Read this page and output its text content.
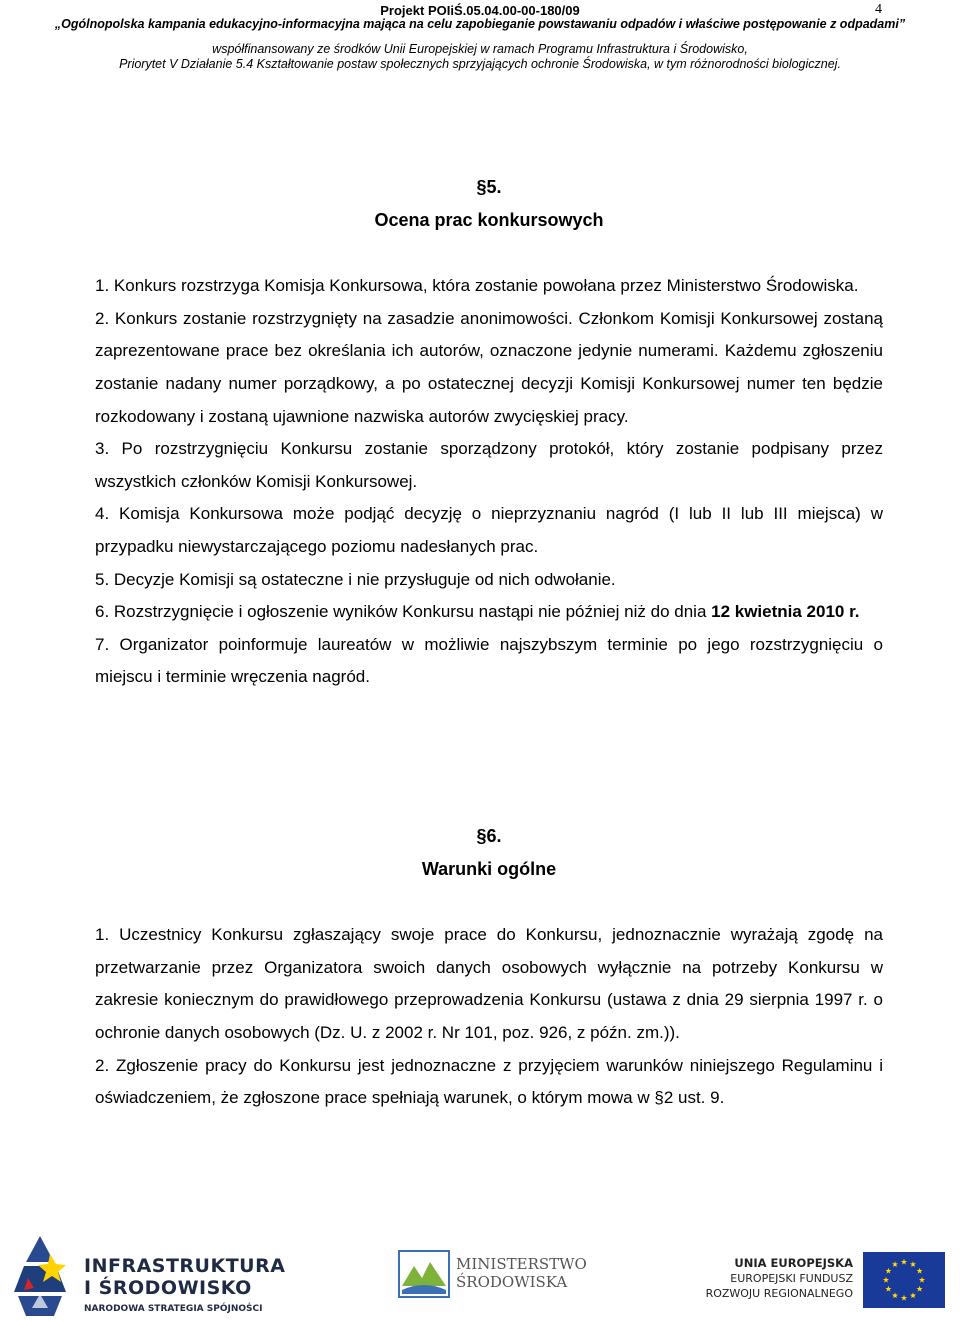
Projekt POIiŚ.05.04.00-00-180/09	4
„Ogólnopolska kampania edukacyjno-informacyjna mająca na celu zapobieganie powstawaniu odpadów i właściwe postępowanie z odpadami”
współfinansowany ze środków Unii Europejskiej w ramach Programu Infrastruktura i Środowisko,
Priorytet V Działanie 5.4 Kształtowanie postaw społecznych sprzyjających ochronie Środowiska, w tym różnorodności biologicznej.
§5.
Ocena prac konkursowych

1. Konkurs rozstrzyga Komisja Konkursowa, która zostanie powołana przez Ministerstwo Środowiska.

2. Konkurs zostanie rozstrzygnięty na zasadzie anonimowości. Członkom Komisji Konkursowej zostaną zaprezentowane prace bez określania ich autorów, oznaczone jedynie numerami. Każdemu zgłoszeniu zostanie nadany numer porządkowy, a po ostatecznej decyzji Komisji Konkursowej numer ten będzie rozkodowany i zostaną ujawnione nazwiska autorów zwycięskiej pracy.

3. Po rozstrzygnięciu Konkursu zostanie sporządzony protokół, który zostanie podpisany przez wszystkich członków Komisji Konkursowej.

4. Komisja Konkursowa może podjąć decyzję o nieprzyznaniu nagród (I lub II lub III miejsca) w przypadku niewystarczającego poziomu nadesłanych prac.

5. Decyzje Komisji są ostateczne i nie przysługuje od nich odwołanie.

6. Rozstrzygnięcie i ogłoszenie wyników Konkursu nastąpi nie później niż do dnia 12 kwietnia 2010 r.

7. Organizator poinformuje laureatów w możliwie najszybszym terminie po jego rozstrzygnięciu o miejscu i terminie wręczenia nagród.

§6.
Warunki ogólne

1. Uczestnicy Konkursu zgłaszający swoje prace do Konkursu, jednoznacznie wyrażają zgodę na przetwarzanie przez Organizatora swoich danych osobowych wyłącznie na potrzeby Konkursu w zakresie koniecznym do prawidłowego przeprowadzenia Konkursu (ustawa z dnia 29 sierpnia 1997 r. o ochronie danych osobowych (Dz. U. z 2002 r. Nr 101, poz. 926, z późn. zm.)).

2. Zgłoszenie pracy do Konkursu jest jednoznaczne z przyjęciem warunków niniejszego Regulaminu i oświadczeniem, że zgłoszone prace spełniają warunek, o którym mowa w §2 ust. 9.

INFRASTRUKTURA
I ŚRODOWISKO
NARODOWA STRATEGIA SPÓJNOŚCI
MINISTERSTWO
ŚRODOWISKA
UNIA EUROPEJSKA
EUROPEJSKI FUNDUSZ
ROZWOJU REGIONALNEGO
